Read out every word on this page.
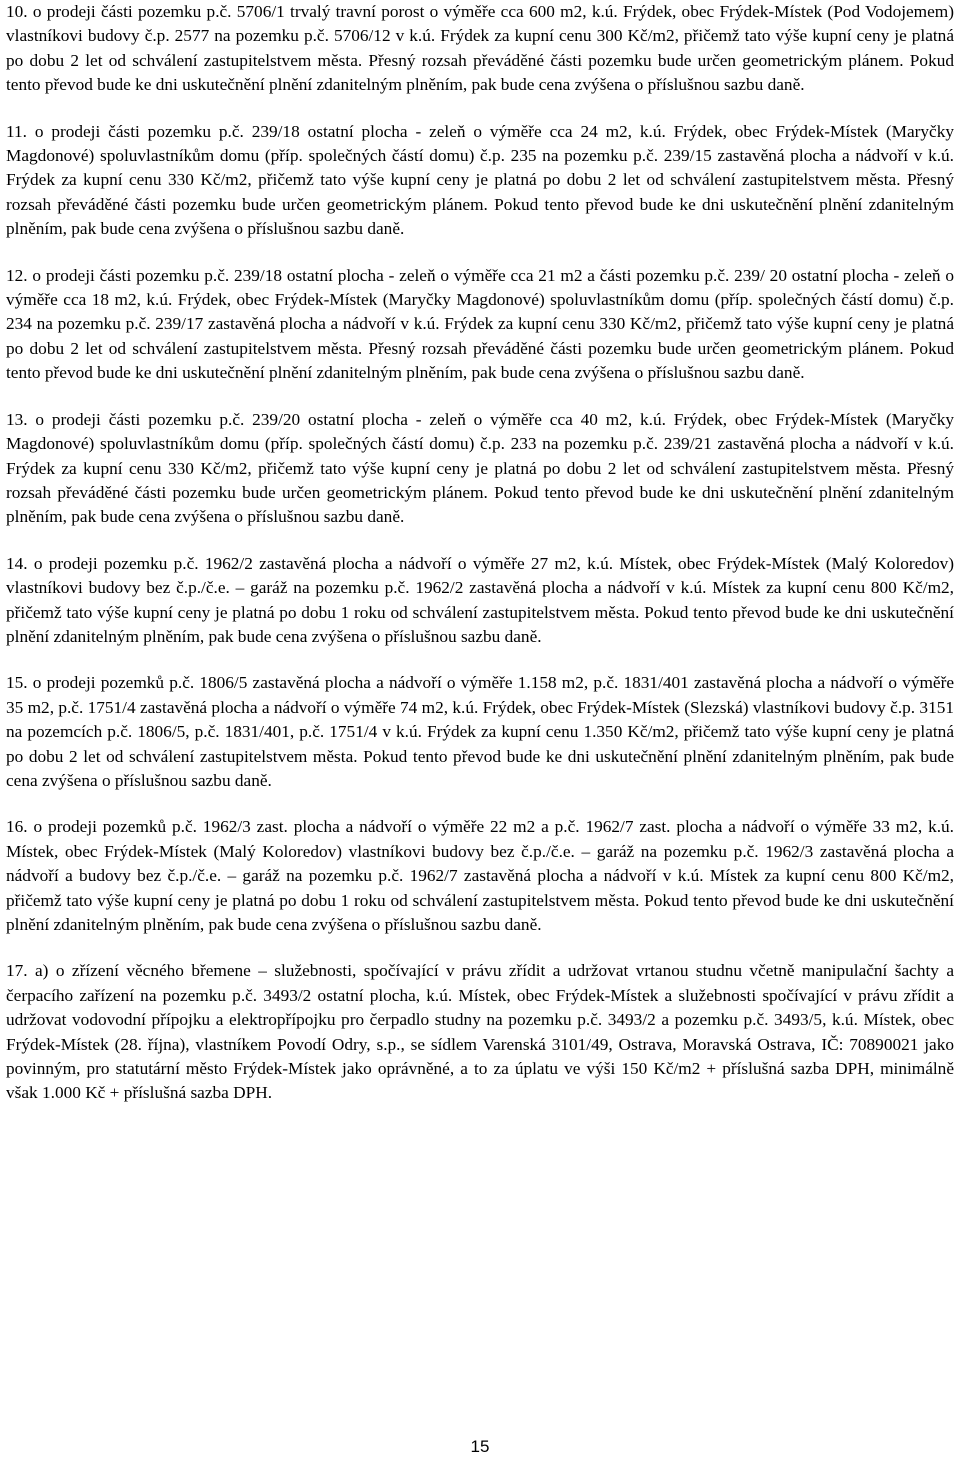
10. o prodeji části pozemku p.č. 5706/1 trvalý travní porost o výměře cca 600 m2, k.ú. Frýdek, obec Frýdek-Místek (Pod Vodojemem) vlastníkovi budovy č.p. 2577 na pozemku p.č. 5706/12 v k.ú. Frýdek za kupní cenu 300 Kč/m2, přičemž tato výše kupní ceny je platná po dobu 2 let od schválení zastupitelstvem města. Přesný rozsah převáděné části pozemku bude určen geometrickým plánem. Pokud tento převod bude ke dni uskutečnění plnění zdanitelným plněním, pak bude cena zvýšena o příslušnou sazbu daně.

11. o prodeji části pozemku p.č. 239/18 ostatní plocha - zeleň o výměře cca 24 m2, k.ú. Frýdek, obec Frýdek-Místek (Maryčky Magdonové) spoluvlastníkům domu (příp. společných částí domu) č.p. 235 na pozemku p.č. 239/15 zastavěná plocha a nádvoří v k.ú. Frýdek za kupní cenu 330 Kč/m2, přičemž tato výše kupní ceny je platná po dobu 2 let od schválení zastupitelstvem města. Přesný rozsah převáděné části pozemku bude určen geometrickým plánem. Pokud tento převod bude ke dni uskutečnění plnění zdanitelným plněním, pak bude cena zvýšena o příslušnou sazbu daně.

12. o prodeji části pozemku p.č. 239/18 ostatní plocha - zeleň o výměře cca 21 m2 a části pozemku p.č. 239/ 20 ostatní plocha - zeleň o výměře cca 18 m2, k.ú. Frýdek, obec Frýdek-Místek (Maryčky Magdonové) spoluvlastníkům domu (příp. společných částí domu) č.p. 234 na pozemku p.č. 239/17 zastavěná plocha a nádvoří v k.ú. Frýdek za kupní cenu 330 Kč/m2, přičemž tato výše kupní ceny je platná po dobu 2 let od schválení zastupitelstvem města. Přesný rozsah převáděné části pozemku bude určen geometrickým plánem. Pokud tento převod bude ke dni uskutečnění plnění zdanitelným plněním, pak bude cena zvýšena o příslušnou sazbu daně.

13. o prodeji části pozemku p.č. 239/20 ostatní plocha - zeleň o výměře cca 40 m2, k.ú. Frýdek, obec Frýdek-Místek (Maryčky Magdonové) spoluvlastníkům domu (příp. společných částí domu) č.p. 233 na pozemku p.č. 239/21 zastavěná plocha a nádvoří v k.ú. Frýdek za kupní cenu 330 Kč/m2, přičemž tato výše kupní ceny je platná po dobu 2 let od schválení zastupitelstvem města. Přesný rozsah převáděné části pozemku bude určen geometrickým plánem. Pokud tento převod bude ke dni uskutečnění plnění zdanitelným plněním, pak bude cena zvýšena o příslušnou sazbu daně.

14. o prodeji pozemku p.č. 1962/2 zastavěná plocha a nádvoří o výměře 27 m2, k.ú. Místek, obec Frýdek-Místek (Malý Koloredov) vlastníkovi budovy bez č.p./č.e. – garáž na pozemku p.č. 1962/2 zastavěná plocha a nádvoří v k.ú. Místek za kupní cenu 800 Kč/m2, přičemž tato výše kupní ceny je platná po dobu 1 roku od schválení zastupitelstvem města. Pokud tento převod bude ke dni uskutečnění plnění zdanitelným plněním, pak bude cena zvýšena o příslušnou sazbu daně.

15. o prodeji pozemků p.č. 1806/5 zastavěná plocha a nádvoří o výměře 1.158 m2, p.č. 1831/401 zastavěná plocha a nádvoří o výměře 35 m2, p.č. 1751/4 zastavěná plocha a nádvoří o výměře 74 m2, k.ú. Frýdek, obec Frýdek-Místek (Slezská) vlastníkovi budovy č.p. 3151 na pozemcích p.č. 1806/5, p.č. 1831/401, p.č. 1751/4 v k.ú. Frýdek za kupní cenu 1.350 Kč/m2, přičemž tato výše kupní ceny je platná po dobu 2 let od schválení zastupitelstvem města. Pokud tento převod bude ke dni uskutečnění plnění zdanitelným plněním, pak bude cena zvýšena o příslušnou sazbu daně.

16. o prodeji pozemků p.č. 1962/3 zast. plocha a nádvoří o výměře 22 m2 a p.č. 1962/7 zast. plocha a nádvoří o výměře 33 m2, k.ú. Místek, obec Frýdek-Místek (Malý Koloredov) vlastníkovi budovy bez č.p./č.e. – garáž na pozemku p.č. 1962/3 zastavěná plocha a nádvoří a budovy bez č.p./č.e. – garáž na pozemku p.č. 1962/7 zastavěná plocha a nádvoří v k.ú. Místek za kupní cenu 800 Kč/m2, přičemž tato výše kupní ceny je platná po dobu 1 roku od schválení zastupitelstvem města. Pokud tento převod bude ke dni uskutečnění plnění zdanitelným plněním, pak bude cena zvýšena o příslušnou sazbu daně.

17. a) o zřízení věcného břemene – služebnosti, spočívající v právu zřídit a udržovat vrtanou studnu včetně manipulační šachty a čerpacího zařízení na pozemku p.č. 3493/2 ostatní plocha, k.ú. Místek, obec Frýdek-Místek a služebnosti spočívající v právu zřídit a udržovat vodovodní přípojku a elektropřípojku pro čerpadlo studny na pozemku p.č. 3493/2 a pozemku p.č. 3493/5, k.ú. Místek, obec Frýdek-Místek (28. října), vlastníkem Povodí Odry, s.p., se sídlem Varenská 3101/49, Ostrava, Moravská Ostrava, IČ: 70890021 jako povinným, pro statutární město Frýdek-Místek jako oprávněné, a to za úplatu ve výši 150 Kč/m2 + příslušná sazba DPH, minimálně však 1.000 Kč + příslušná sazba DPH.

15
